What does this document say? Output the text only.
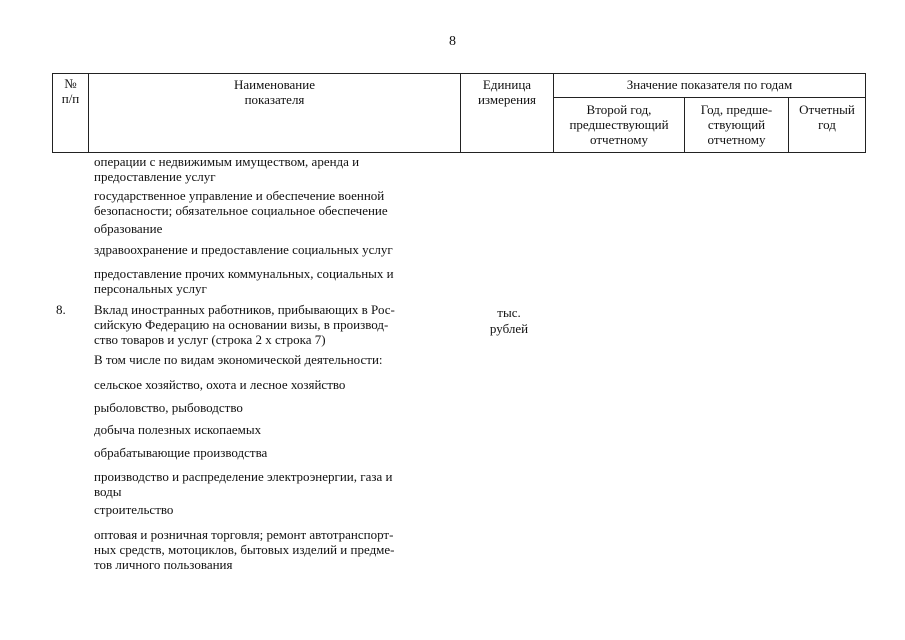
8
№
п/п
Наименование
показателя
Единица
измерения
Значение показателя по годам
Второй год,
предшествующий
отчетному
Год, предше-
ствующий
отчетному
Отчетный
год
операции с недвижимым имуществом, аренда и
предоставление услуг
государственное управление и обеспечение военной
безопасности; обязательное социальное обеспечение
образование
здравоохранение и предоставление социальных услуг
предоставление прочих коммунальных, социальных и
персональных услуг
8.	Вклад иностранных работников, прибывающих в Рос-
сийскую Федерацию на основании визы, в производ-
ство товаров и услуг (строка 2 х строка 7)
тыс.
рублей
В том числе по видам экономической деятельности:
сельское хозяйство, охота и лесное хозяйство
рыболовство, рыбоводство
добыча полезных ископаемых
обрабатывающие производства
производство и распределение электроэнергии, газа и
воды
строительство
оптовая и розничная торговля; ремонт автотранспорт-
ных средств, мотоциклов, бытовых изделий и предме-
тов личного пользования
